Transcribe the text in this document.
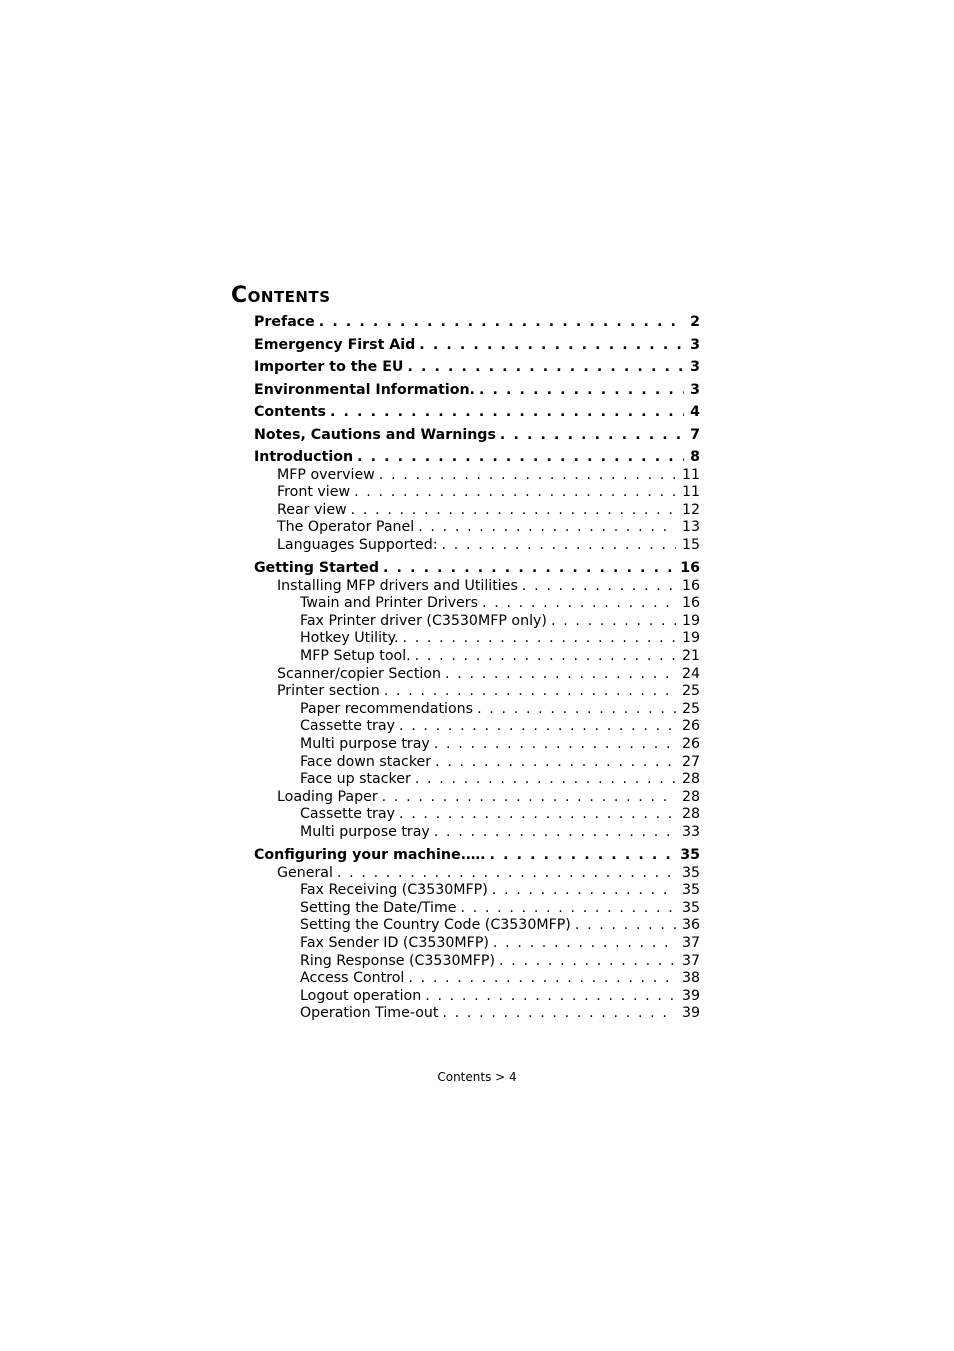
Contents
Preface . . .	2
Emergency First Aid . . .	3
Importer to the EU . . .	3
Environmental Information. . . .	3
Contents . . .	4
Notes, Cautions and Warnings . . .	7
Introduction . . .	8
MFP overview . . .	11
Front view . . .	11
Rear view . . .	12
The Operator Panel . . .	13
Languages Supported: . . .	15
Getting Started . . .	16
Installing MFP drivers and Utilities . . .	16
Twain and Printer Drivers . . .	16
Fax Printer driver (C3530MFP only) . . .	19
Hotkey Utility. . . .	19
MFP Setup tool. . . .	21
Scanner/copier Section . . .	24
Printer section . . .	25
Paper recommendations . . .	25
Cassette tray . . .	26
Multi purpose tray . . .	26
Face down stacker . . .	27
Face up stacker . . .	28
Loading Paper . . .	28
Cassette tray . . .	28
Multi purpose tray . . .	33
Configuring your machine.…. . . .	35
General . . .	35
Fax Receiving (C3530MFP) . . .	35
Setting the Date/Time . . .	35
Setting the Country Code (C3530MFP) . . .	36
Fax Sender ID (C3530MFP) . . .	37
Ring Response (C3530MFP) . . .	37
Access Control . . .	38
Logout operation . . .	39
Operation Time-out . . .	39
Contents > 4
